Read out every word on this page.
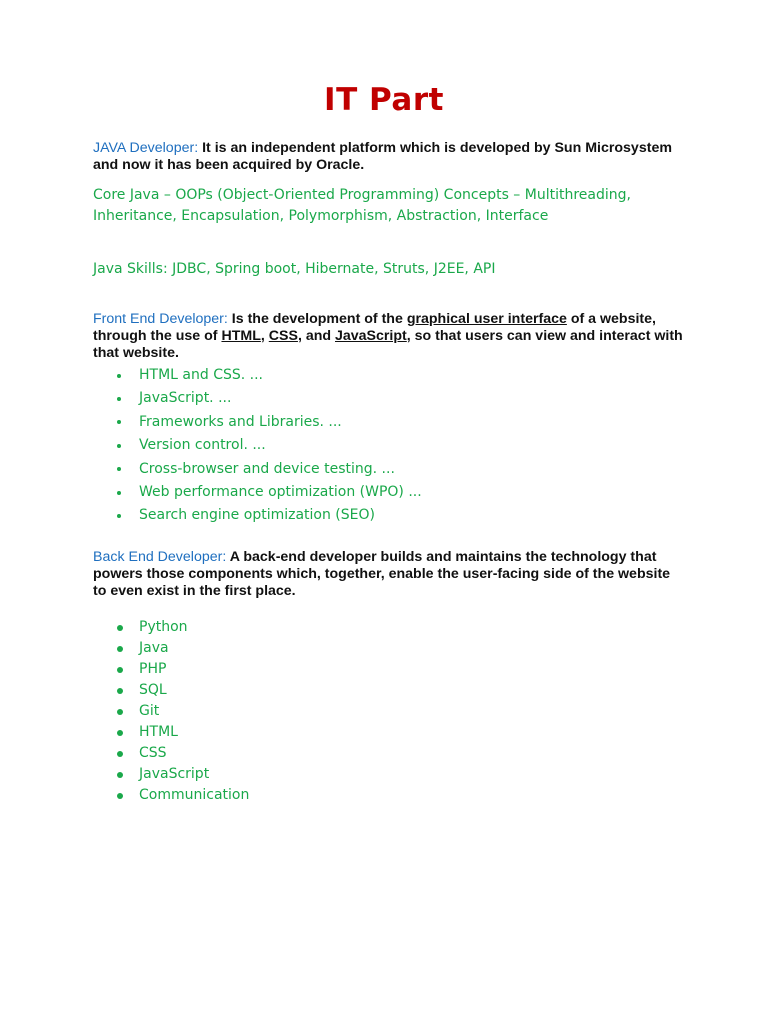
IT Part
JAVA Developer: It is an independent platform which is developed by Sun Microsystem and now it has been acquired by Oracle.
Core Java – OOPs (Object-Oriented Programming) Concepts – Multithreading, Inheritance, Encapsulation, Polymorphism, Abstraction, Interface
Java Skills: JDBC, Spring boot, Hibernate, Struts, J2EE, API
Front End Developer: Is the development of the graphical user interface of a website, through the use of HTML, CSS, and JavaScript, so that users can view and interact with that website.
HTML and CSS. ...
JavaScript. ...
Frameworks and Libraries. ...
Version control. ...
Cross-browser and device testing. ...
Web performance optimization (WPO) ...
Search engine optimization (SEO)
Back End Developer: A back-end developer builds and maintains the technology that powers those components which, together, enable the user-facing side of the website to even exist in the first place.
Python
Java
PHP
SQL
Git
HTML
CSS
JavaScript
Communication
